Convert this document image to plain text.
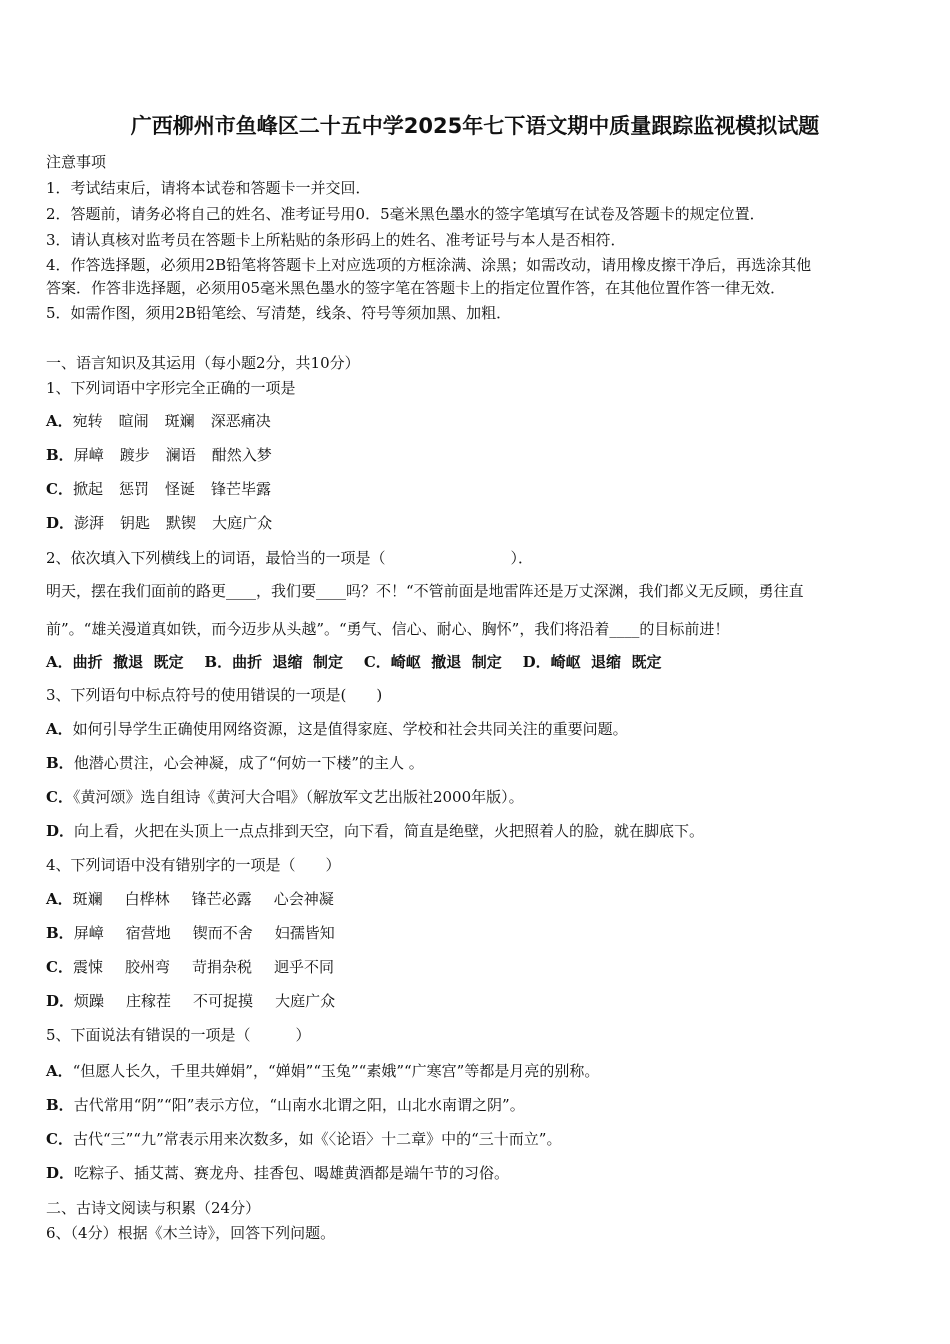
广西柳州市鱼峰区二十五中学2025年七下语文期中质量跟踪监视模拟试题
注意事项
1．考试结束后，请将本试卷和答题卡一并交回．
2．答题前，请务必将自己的姓名、准考证号用0．5毫米黑色墨水的签字笔填写在试卷及答题卡的规定位置．
3．请认真核对监考员在答题卡上所粘贴的条形码上的姓名、准考证号与本人是否相符．
4．作答选择题，必须用2B铅笔将答题卡上对应选项的方框涂满、涂黑；如需改动，请用橡皮擦干净后，再选涂其他
答案．作答非选择题，必须用05毫米黑色墨水的签字笔在答题卡上的指定位置作答，在其他位置作答一律无效．
5．如需作图，须用2B铅笔绘、写清楚，线条、符号等须加黑、加粗．
一、语言知识及其运用（每小题2分，共10分）
1、下列词语中字形完全正确的一项是
A．宛转 暄闹 斑斓 深恶痛决
B．屏嶂 踱步 澜语 酣然入梦
C．掀起 惩罚 怪诞 锋芒毕露
D．澎湃 钥匙 默锲 大庭广众
2、依次填入下列横线上的词语，最恰当的一项是（	）．
明天，摆在我们面前的路更____，我们要____吗？不！“不管前面是地雷阵还是万丈深渊，我们都义无反顾，勇往直
前”。“雄关漫道真如铁，而今迈步从头越”。“勇气、信心、耐心、胸怀”，我们将沿着____的目标前进！
A．曲折  撤退  既定    B．曲折  退缩  制定    C．崎岖  撤退  制定    D．崎岖  退缩  既定
3、下列语句中标点符号的使用错误的一项是(　　)
A．如何引导学生正确使用网络资源，这是值得家庭、学校和社会共同关注的重要问题。
B．他潜心贯注，心会神凝，成了“何妨一下楼”的主人 。
C．《黄河颂》选自组诗《黄河大合唱》（解放军文艺出版社2000年版）。
D．向上看，火把在头顶上一点点排到天空，向下看，简直是绝壁，火把照着人的脸，就在脚底下。
4、下列词语中没有错别字的一项是（　　）
A．斑斓 白桦林 锋芒必露 心会神凝
B．屏嶂 宿营地 锲而不舍 妇孺皆知
C．震悚 胶州弯 苛捐杂税 迥乎不同
D．烦躁 庄稼茬 不可捉摸 大庭广众
5、下面说法有错误的一项是（　　　）
A．“但愿人长久，千里共婵娟”，“婵娟”“玉兔”“素娥”“广寒宫”等都是月亮的别称。
B．古代常用“阴”“阳”表示方位，“山南水北谓之阳，山北水南谓之阴”。
C．古代“三”“九”常表示用来次数多，如《〈论语〉十二章》中的“三十而立”。
D．吃粽子、插艾蒿、赛龙舟、挂香包、喝雄黄酒都是端午节的习俗。
二、古诗文阅读与积累（24分）
6、（4分）根据《木兰诗》，回答下列问题。
